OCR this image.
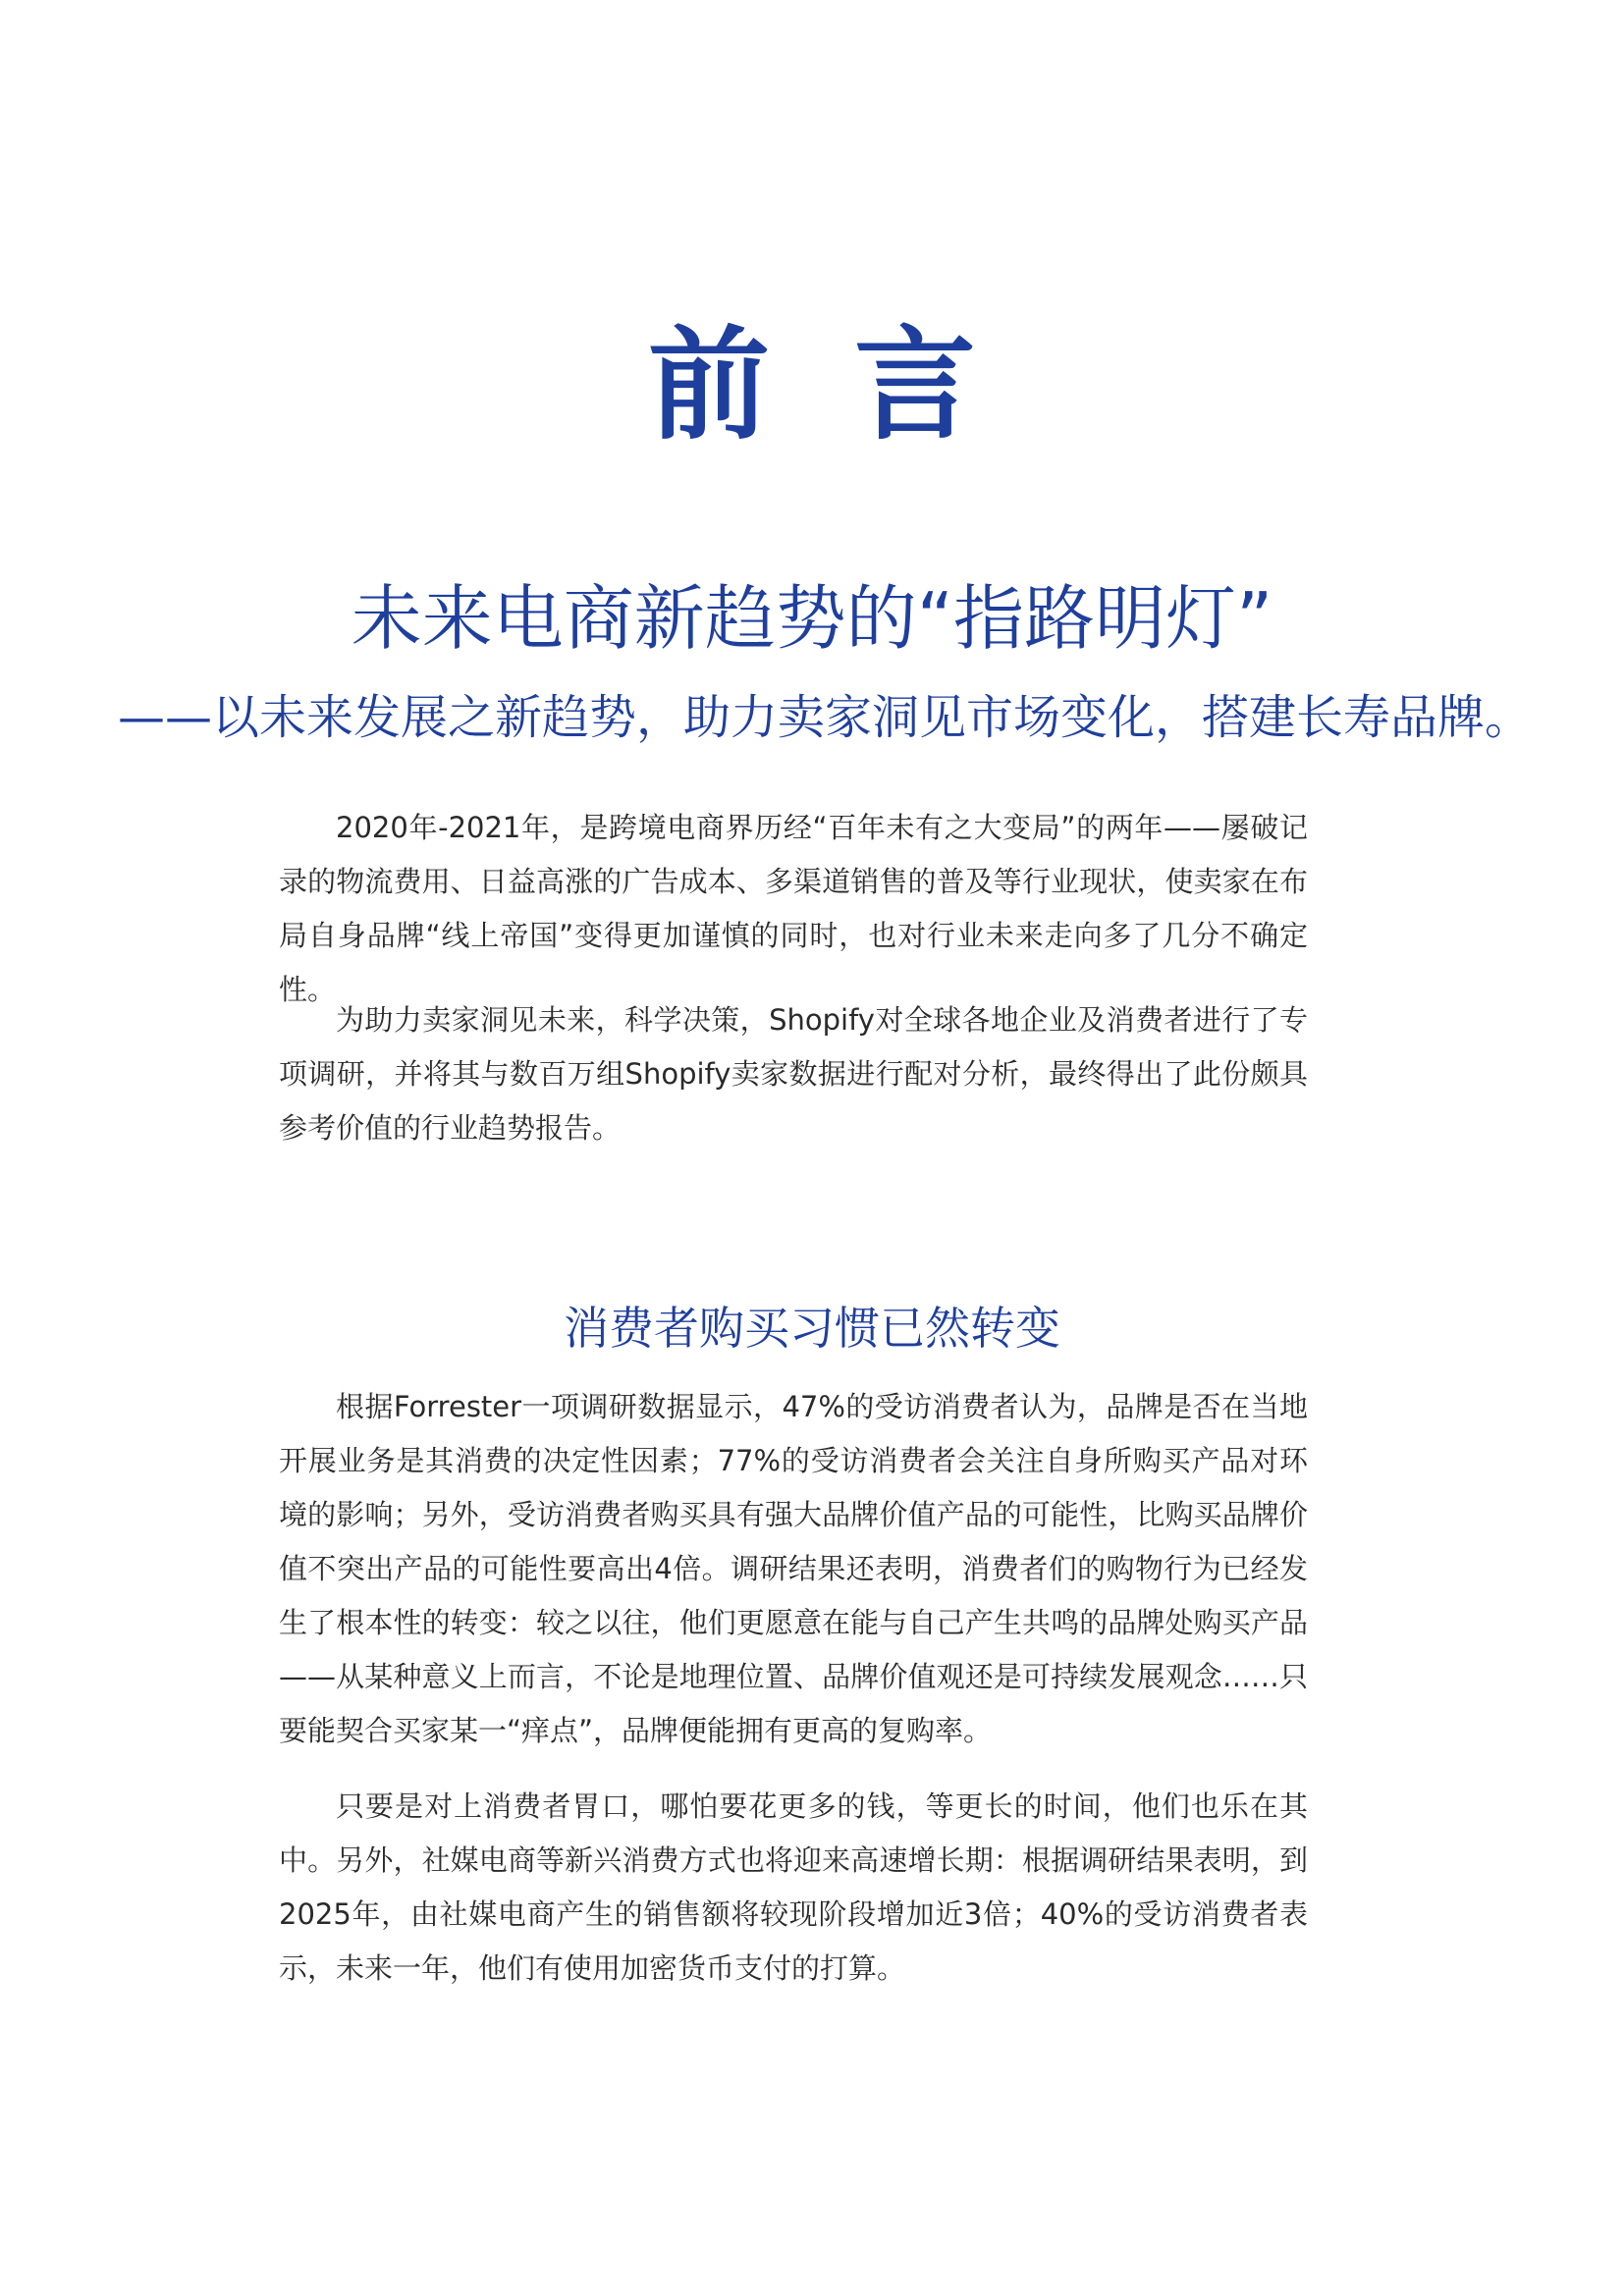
前言
未来电商新趋势的“指路明灯”
——以未来发展之新趋势，助力卖家洞见市场变化，搭建长寿品牌。

2020年-2021年，是跨境电商界历经“百年未有之大变局”的两年——屡破记录的物流费用、日益高涨的广告成本、多渠道销售的普及等行业现状，使卖家在布局自身品牌“线上帝国”变得更加谨慎的同时，也对行业未来走向多了几分不确定性。

为助力卖家洞见未来，科学决策，Shopify对全球各地企业及消费者进行了专项调研，并将其与数百万组Shopify卖家数据进行配对分析，最终得出了此份颇具参考价值的行业趋势报告。

消费者购买习惯已然转变

根据Forrester一项调研数据显示，47%的受访消费者认为，品牌是否在当地开展业务是其消费的决定性因素；77%的受访消费者会关注自身所购买产品对环境的影响；另外，受访消费者购买具有强大品牌价值产品的可能性，比购买品牌价值不突出产品的可能性要高出4倍。调研结果还表明，消费者们的购物行为已经发生了根本性的转变：较之以往，他们更愿意在能与自己产生共鸣的品牌处购买产品——从某种意义上而言，不论是地理位置、品牌价值观还是可持续发展观念……只要能契合买家某一“痒点”，品牌便能拥有更高的复购率。

只要是对上消费者胃口，哪怕要花更多的钱，等更长的时间，他们也乐在其中。另外，社媒电商等新兴消费方式也将迎来高速增长期：根据调研结果表明，到2025年，由社媒电商产生的销售额将较现阶段增加近3倍；40%的受访消费者表示，未来一年，他们有使用加密货币支付的打算。
